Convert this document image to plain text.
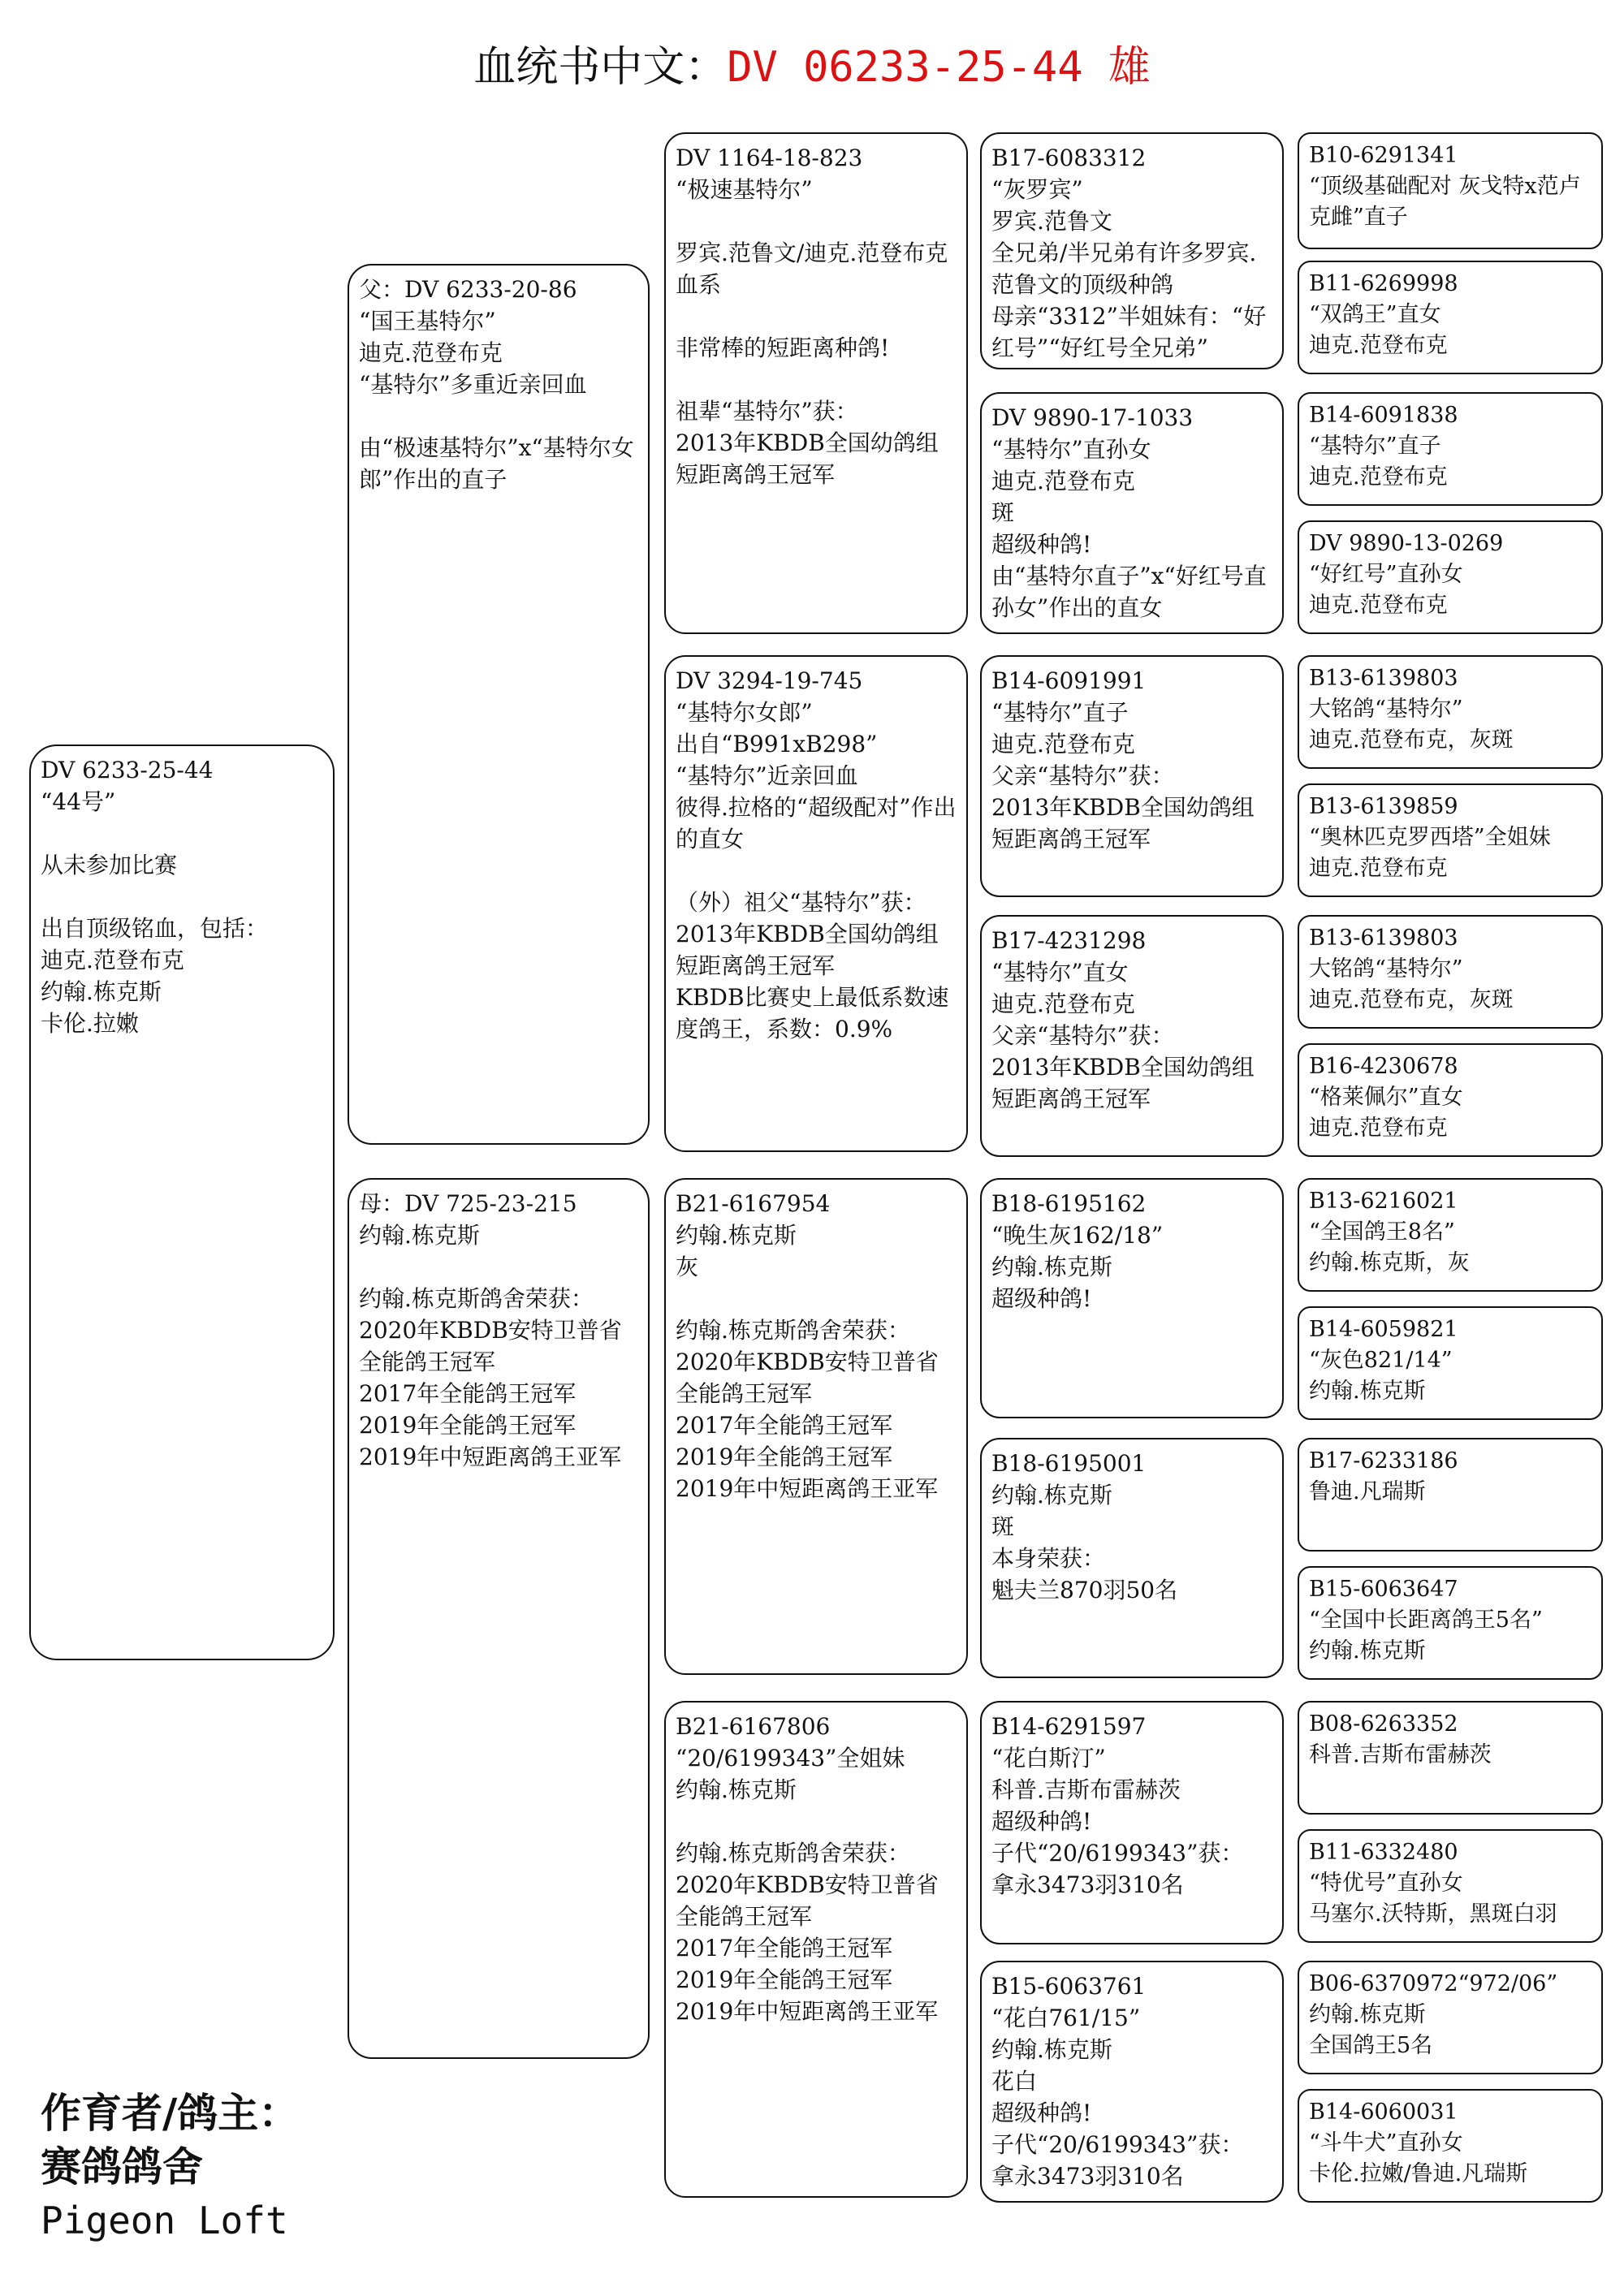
血统书中文：DV 06233-25-44 雄
DV 6233-25-44
“44号”
从未参加比赛
出自顶级铭血，包括：
迪克.范登布克
约翰.栋克斯
卡伦.拉嫩
父：DV 6233-20-86
“国王基特尔”
迪克.范登布克
“基特尔”多重近亲回血
由“极速基特尔”x“基特尔女郎”作出的直子
母：DV 725-23-215
约翰.栋克斯
约翰.栋克斯鸽舍荣获：
2020年KBDB安特卫普省全能鸽王冠军
2017年全能鸽王冠军
2019年全能鸽王冠军
2019年中短距离鸽王亚军
DV 1164-18-823
“极速基特尔”
罗宾.范鲁文/迪克.范登布克血系
非常棒的短距离种鸽!
祖辈“基特尔”获：
2013年KBDB全国幼鸽组短距离鸽王冠军
DV 3294-19-745
“基特尔女郎”
出自“B991xB298”
“基特尔”近亲回血
彼得.拉格的“超级配对”作出的直女
（外）祖父“基特尔”获：
2013年KBDB全国幼鸽组短距离鸽王冠军
KBDB比赛史上最低系数速度鸽王，系数：0.9%
B21-6167954
约翰.栋克斯
灰
约翰.栋克斯鸽舍荣获：
2020年KBDB安特卫普省全能鸽王冠军
2017年全能鸽王冠军
2019年全能鸽王冠军
2019年中短距离鸽王亚军
B21-6167806
“20/6199343”全姐妹
约翰.栋克斯
约翰.栋克斯鸽舍荣获：
2020年KBDB安特卫普省全能鸽王冠军
2017年全能鸽王冠军
2019年全能鸽王冠军
2019年中短距离鸽王亚军
B17-6083312
“灰罗宾”
罗宾.范鲁文
全兄弟/半兄弟有许多罗宾.范鲁文的顶级种鸽
母亲“3312”半姐妹有：“好红号”“好红号全兄弟”
DV 9890-17-1033
“基特尔”直孙女
迪克.范登布克
斑
超级种鸽!
由“基特尔直子”x“好红号直孙女”作出的直女
B14-6091991
“基特尔”直子
迪克.范登布克
父亲“基特尔”获：
2013年KBDB全国幼鸽组短距离鸽王冠军
B17-4231298
“基特尔”直女
迪克.范登布克
父亲“基特尔”获：
2013年KBDB全国幼鸽组短距离鸽王冠军
B18-6195162
“晚生灰162/18”
约翰.栋克斯
超级种鸽!
B18-6195001
约翰.栋克斯
斑
本身荣获：
魁夫兰870羽50名
B14-6291597
“花白斯汀”
科普.吉斯布雷赫茨
超级种鸽!
子代“20/6199343”获：
拿永3473羽310名
B15-6063761
“花白761/15”
约翰.栋克斯
花白
超级种鸽!
子代“20/6199343”获：
拿永3473羽310名
B10-6291341
“顶级基础配对 灰戈特x范卢克雌”直子
B11-6269998
“双鸽王”直女
迪克.范登布克
B14-6091838
“基特尔”直子
迪克.范登布克
DV 9890-13-0269
“好红号”直孙女
迪克.范登布克
B13-6139803
大铭鸽“基特尔”
迪克.范登布克，灰斑
B13-6139859
“奥林匹克罗西塔”全姐妹
迪克.范登布克
B13-6139803
大铭鸽“基特尔”
迪克.范登布克，灰斑
B16-4230678
“格莱佩尔”直女
迪克.范登布克
B13-6216021
“全国鸽王8名”
约翰.栋克斯，灰
B14-6059821
“灰色821/14”
约翰.栋克斯
B17-6233186
鲁迪.凡瑞斯
B15-6063647
“全国中长距离鸽王5名”
约翰.栋克斯
B08-6263352
科普.吉斯布雷赫茨
B11-6332480
“特优号”直孙女
马塞尔.沃特斯，黑斑白羽
B06-6370972“972/06”
约翰.栋克斯
全国鸽王5名
B14-6060031
“斗牛犬”直孙女
卡伦.拉嫩/鲁迪.凡瑞斯
作育者/鸽主：
赛鸽鸽舍
Pigeon Loft
